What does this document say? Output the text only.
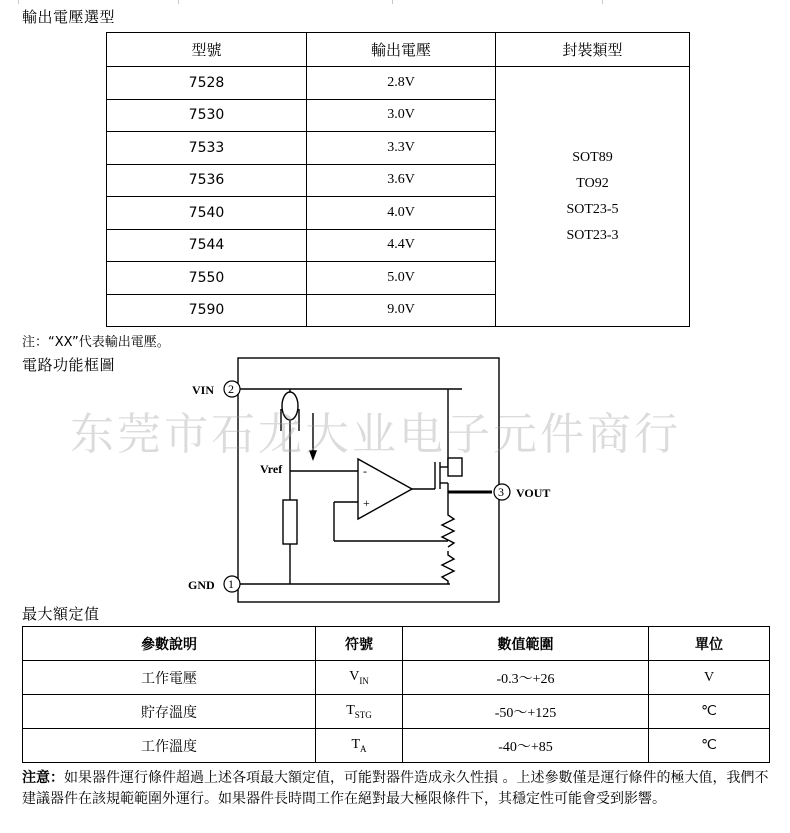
輸出電壓選型
型號	輸出電壓	封裝類型
7528	2.8V	SOT89
TO92
SOT23-5
SOT23-3

7530	3.0V	
7533	3.3V	
7536	3.6V	
7540	4.0V	
7544	4.4V	
7550	5.0V	
7590	9.0V	
注：“XX”代表輸出電壓。
電路功能框圖
2
3
1
VIN
VOUT
GND
Vref	-
+
东莞市石龙大业电子元件商行
最大額定值
參數說明	符號	數值範圍	單位
工作電壓	$V_{IN}$	-0.3～+26	V
貯存溫度	$T_{STG}$	-50～+125	℃
工作溫度	$T_A$	-40～+85	℃
注意：如果器件運行條件超過上述各項最大額定值，可能對器件造成永久性損 。上述參數僅是運行條件的極大值，我們不建議器件在該規範範圍外運行。如果器件長時間工作在絕對最大極限條件下，其穩定性可能會受到影響。
